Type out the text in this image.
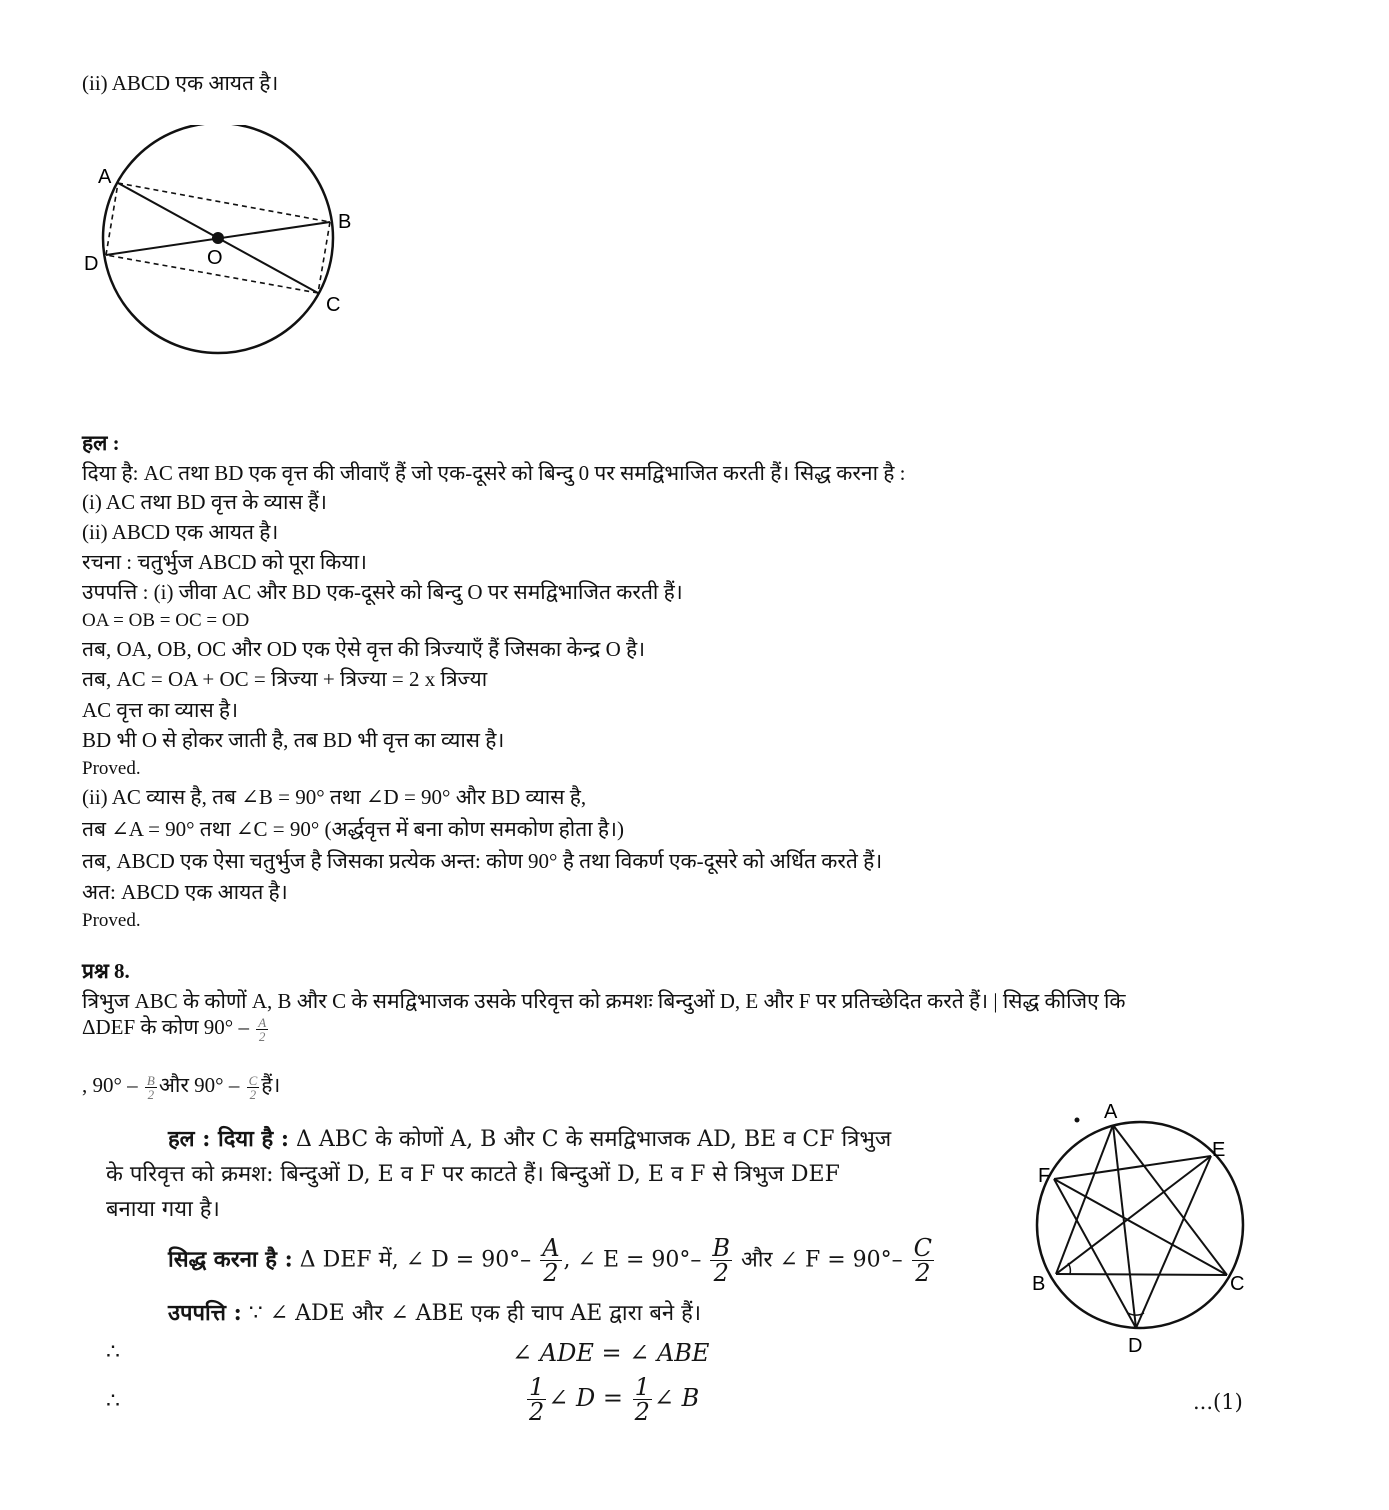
(ii) ABCD एक आयत है।
A
B
C
D	O
हल :
दिया है: AC तथा BD एक वृत्त की जीवाएँ हैं जो एक-दूसरे को बिन्दु 0 पर समद्विभाजित करती हैं। सिद्ध करना है :
(i) AC तथा BD वृत्त के व्यास हैं।
(ii) ABCD एक आयत है।
रचना : चतुर्भुज ABCD को पूरा किया।
उपपत्ति : (i) जीवा AC और BD एक-दूसरे को बिन्दु O पर समद्विभाजित करती हैं।
OA = OB = OC = OD
तब, OA, OB, OC और OD एक ऐसे वृत्त की त्रिज्याएँ हैं जिसका केन्द्र O है।
तब, AC = OA + OC = त्रिज्या + त्रिज्या = 2 x त्रिज्या
AC वृत्त का व्यास है।
BD भी O से होकर जाती है, तब BD भी वृत्त का व्यास है।
Proved.
(ii) AC व्यास है, तब ∠B = 90° तथा ∠D = 90° और BD व्यास है,
तब ∠A = 90° तथा ∠C = 90° (अर्द्धवृत्त में बना कोण समकोण होता है।)
तब, ABCD एक ऐसा चतुर्भुज है जिसका प्रत्येक अन्त: कोण 90° है तथा विकर्ण एक-दूसरे को अर्धित करते हैं।
अत: ABCD एक आयत है।
Proved.
प्रश्न 8.
त्रिभुज ABC के कोणों A, B और C के समद्विभाजक उसके परिवृत्त को क्रमशः बिन्दुओं D, E और F पर प्रतिच्छेदित करते हैं। | सिद्ध कीजिए कि
ΔDEF के कोण $90^\circ - \frac{A}{2}$
, $90^\circ - \frac{B}{2}$ और $90^\circ - \frac{C}{2}$ हैं।
हल : दिया है : Δ ABC के कोणों A, B और C के समद्विभाजक AD, BE व CF त्रिभुज
के परिवृत्त को क्रमश: बिन्दुओं D, E व F पर काटते हैं। बिन्दुओं D, E व F से त्रिभुज DEF
बनाया गया है।
सिद्ध करना है : Δ DEF में, ∠ $D = 90^\circ- \frac{A}{2}$ , ∠ $E = 90^\circ- \frac{B}{2}$ और ∠ $F = 90^\circ- \frac{C}{2}$
उपपत्ति : ∵ ∠ ADE और ∠ ABE एक ही चाप AE द्वारा बने हैं।
∴	∠ ADE = ∠ ABE
∴	$\frac{1}{2}$ ∠ $D = \frac{1}{2}$ ∠ B	...(1)
A
B	C
D
E
F
